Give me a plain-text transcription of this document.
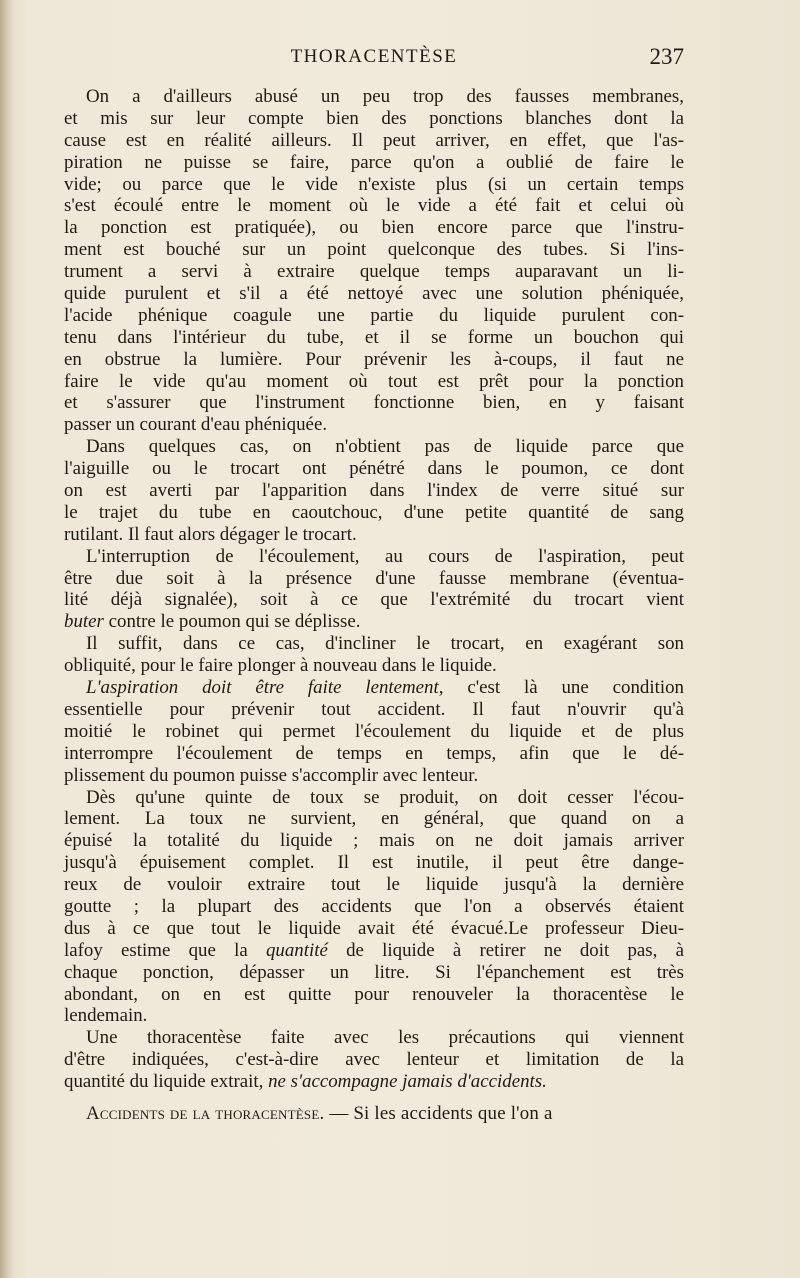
THORACENTÈSE	237
On a d'ailleurs abusé un peu trop des fausses membranes,
et mis sur leur compte bien des ponctions blanches dont la
cause est en réalité ailleurs. Il peut arriver, en effet, que l'as-
piration ne puisse se faire, parce qu'on a oublié de faire le
vide; ou parce que le vide n'existe plus (si un certain temps
s'est écoulé entre le moment où le vide a été fait et celui où
la ponction est pratiquée), ou bien encore parce que l'instru-
ment est bouché sur un point quelconque des tubes. Si l'ins-
trument a servi à extraire quelque temps auparavant un li-
quide purulent et s'il a été nettoyé avec une solution phéniquée,
l'acide phénique coagule une partie du liquide purulent con-
tenu dans l'intérieur du tube, et il se forme un bouchon qui
en obstrue la lumière. Pour prévenir les à-coups, il faut ne
faire le vide qu'au moment où tout est prêt pour la ponction
et s'assurer que l'instrument fonctionne bien, en y faisant
passer un courant d'eau phéniquée.
Dans quelques cas, on n'obtient pas de liquide parce que
l'aiguille ou le trocart ont pénétré dans le poumon, ce dont
on est averti par l'apparition dans l'index de verre situé sur
le trajet du tube en caoutchouc, d'une petite quantité de sang
rutilant. Il faut alors dégager le trocart.
L'interruption de l'écoulement, au cours de l'aspiration, peut
être due soit à la présence d'une fausse membrane (éventua-
lité déjà signalée), soit à ce que l'extrémité du trocart vient
buter contre le poumon qui se déplisse.
Il suffit, dans ce cas, d'incliner le trocart, en exagérant son
obliquité, pour le faire plonger à nouveau dans le liquide.
L'aspiration doit être faite lentement, c'est là une condition
essentielle pour prévenir tout accident. Il faut n'ouvrir qu'à
moitié le robinet qui permet l'écoulement du liquide et de plus
interrompre l'écoulement de temps en temps, afin que le dé-
plissement du poumon puisse s'accomplir avec lenteur.
Dès qu'une quinte de toux se produit, on doit cesser l'écou-
lement. La toux ne survient, en général, que quand on a
épuisé la totalité du liquide ; mais on ne doit jamais arriver
jusqu'à épuisement complet. Il est inutile, il peut être dange-
reux de vouloir extraire tout le liquide jusqu'à la dernière
goutte ; la plupart des accidents que l'on a observés étaient
dus à ce que tout le liquide avait été évacué.Le professeur Dieu-
lafoy estime que la quantité de liquide à retirer ne doit pas, à
chaque ponction, dépasser un litre. Si l'épanchement est très
abondant, on en est quitte pour renouveler la thoracentèse le
lendemain.
Une thoracentèse faite avec les précautions qui viennent
d'être indiquées, c'est-à-dire avec lenteur et limitation de la
quantité du liquide extrait, ne s'accompagne jamais d'accidents.
Accidents de la thoracentèse. — Si les accidents que l'on a
